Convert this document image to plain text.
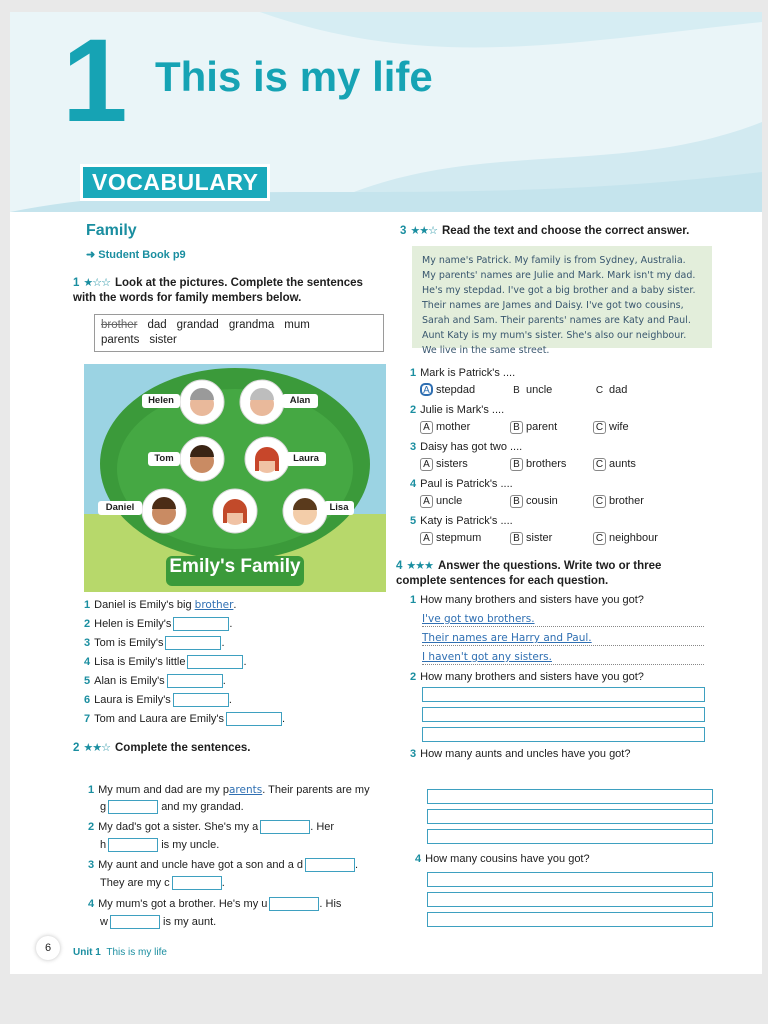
1 This is my life
VOCABULARY
Family
➜ Student Book p9
1 ★☆☆ Look at the pictures. Complete the sentences with the words for family members below.
brother dad grandad grandma mum
parents sister
Helen	Alan
Tom	Laura
Daniel	Lisa
Emily's Family
1 Daniel is Emily's big brother.
2 Helen is Emily's	.
3 Tom is Emily's	.
4 Lisa is Emily's little	.
5 Alan is Emily's	.
6 Laura is Emily's	.
7 Tom and Laura are Emily's	.
2 ★★☆ Complete the sentences.
1 My mum and dad are my parents. Their parents are my
g	and my grandad.
2 My dad's got a sister. She's my a	. Her
h	is my uncle.
3 My aunt and uncle have got a son and a d	.
They are my c	.
4 My mum's got a brother. He's my u	. His
w	is my aunt.
3 ★★☆ Read the text and choose the correct answer.
My name's Patrick. My family is from Sydney, Australia. My parents' names are Julie and Mark. Mark isn't my dad. He's my stepdad. I've got a big brother and a baby sister. Their names are James and Daisy. I've got two cousins, Sarah and Sam. Their parents' names are Katy and Paul. Aunt Katy is my mum's sister. She's also our neighbour. We live in the same street.
1 Mark is Patrick's ....
A stepdad	B uncle	C dad
2 Julie is Mark's ....
A mother	B parent	C wife
3 Daisy has got two ....
A sisters	B brothers	C aunts
4 Paul is Patrick's ....
A uncle	B cousin	C brother
5 Katy is Patrick's ....
A stepmum	B sister	C neighbour
4 ★★★ Answer the questions. Write two or three complete sentences for each question.
1 How many brothers and sisters have you got?
I've got two brothers.
Their names are Harry and Paul.
I haven't got any sisters.
2 How many brothers and sisters have you got?
3 How many aunts and uncles have you got?
4 How many cousins have you got?
6	Unit 1 This is my life
